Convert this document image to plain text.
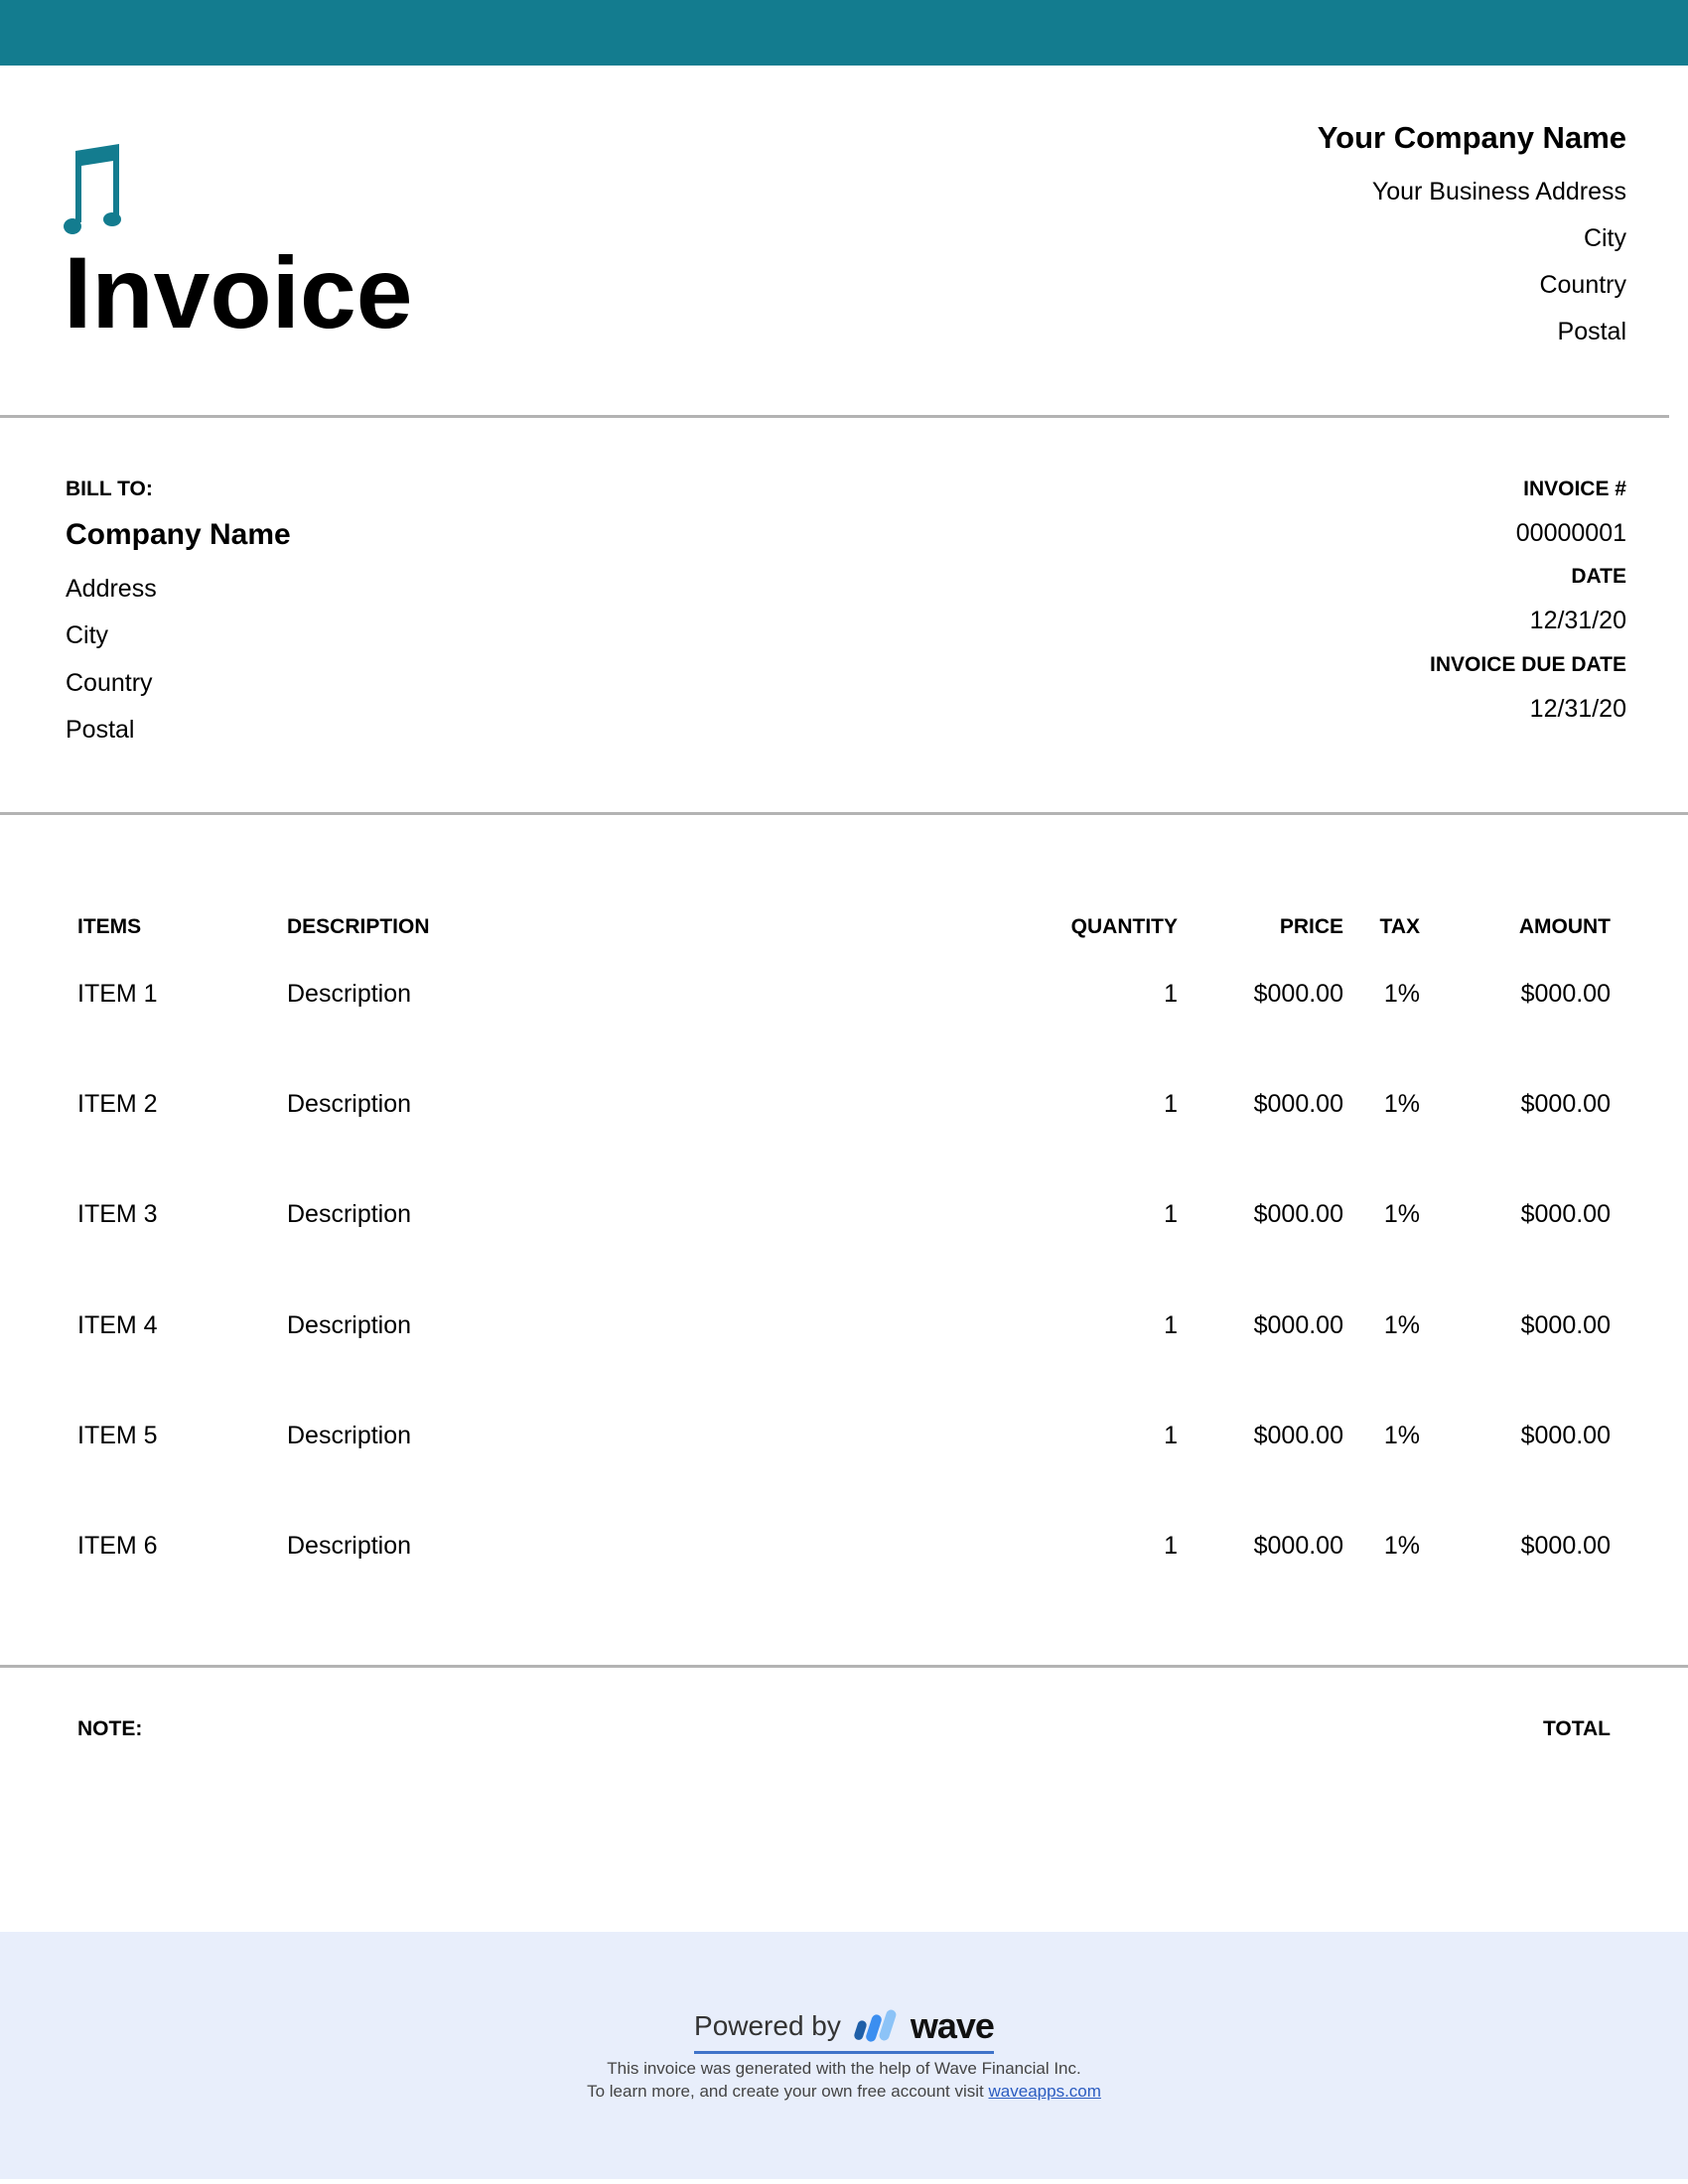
Invoice
Your Company Name
Your Business Address
City
Country
Postal
BILL TO:
Company Name
Address
City
Country
Postal
INVOICE #
00000001
DATE
12/31/20
INVOICE DUE DATE
12/31/20
ITEMS	DESCRIPTION	QUANTITY	PRICE TAX	AMOUNT
ITEM 1	Description	1	$000.00 1%	$000.00
ITEM 2	Description	1	$000.00 1%	$000.00
ITEM 3	Description	1	$000.00 1%	$000.00
ITEM 4	Description	1	$000.00 1%	$000.00
ITEM 5	Description	1	$000.00 1%	$000.00
ITEM 6	Description	1	$000.00 1%	$000.00
NOTE:	TOTAL
Powered by wave
This invoice was generated with the help of Wave Financial Inc.
To learn more, and create your own free account visit waveapps.com
